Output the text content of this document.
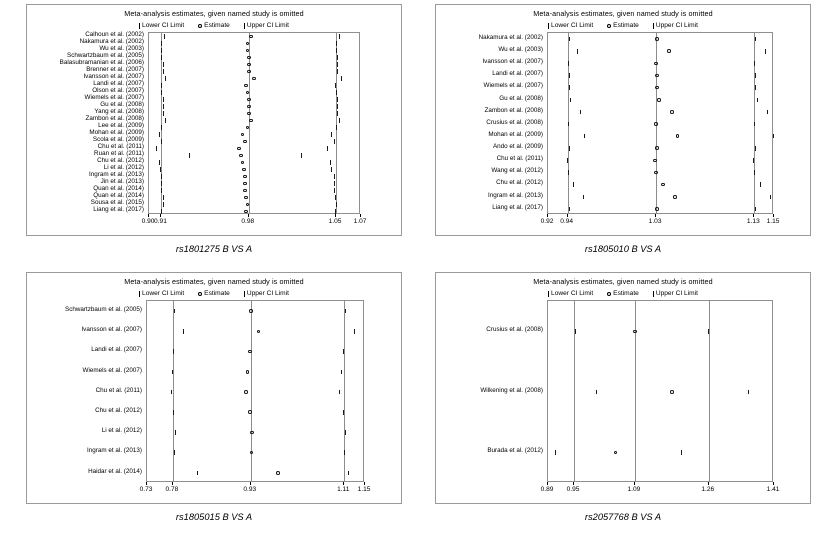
Meta-analysis estimates, given named study is omitted
Lower CI Limit	Estimate	Upper CI Limit
Calhoun et al. (2002)
Nakamura et al. (2002)
Wu et al. (2003)
Schwartzbaum et al. (2005)
Balasubramanian et al. (2006)
Brenner et al. (2007)
Ivansson et al. (2007)
Landi et al. (2007)
Olson et al. (2007)
Wiemels et al. (2007)
Gu et al. (2008)
Yang et al. (2008)
Zambon et al. (2008)
Lee et al. (2009)
Mohan et al. (2009)
Scola et al. (2009)
Chu et al. (2011)
Ruan et al. (2011)
Chu et al. (2012)
Li et al. (2012)
Ingram et al. (2013)
Jin et al. (2013)
Quan et al. (2014)
Quan et al. (2014)
Sousa et al. (2015)
Liang et al. (2017)
0.90 0.91	0.98	1.05	1.07
rs1801275 B VS A
Meta-analysis estimates, given named study is omitted
Lower CI Limit	Estimate	Upper CI Limit
Nakamura et al. (2002)
Wu et al. (2003)
Ivansson et al. (2007)
Landi et al. (2007)
Wiemels et al. (2007)
Gu et al. (2008)
Zambon et al. (2008)
Crusius et al. (2008)
Mohan et al. (2009)
Ando et al. (2009)
Chu et al. (2011)
Wang et al. (2012)
Chu et al. (2012)
Ingram et al. (2013)
Liang et al. (2017)
0.92	0.94	1.03	1.13	1.15
rs1805010 B VS A
Meta-analysis estimates, given named study is omitted
Lower CI Limit	Estimate	Upper CI Limit
Schwartzbaum et al. (2005)
Ivansson et al. (2007)
Landi et al. (2007)
Wiemels et al. (2007)
Chu et al. (2011)
Chu et al. (2012)
Li et al. (2012)
Ingram et al. (2013)
Haidar et al. (2014)
0.73	0.78	0.93	1.11	1.15
rs1805015 B VS A
Meta-analysis estimates, given named study is omitted
Lower CI Limit	Estimate	Upper CI Limit
Crusius et al. (2008)
Wilkening et al. (2008)
Burada et al. (2012)
0.89	0.95	1.09	1.26	1.41
rs2057768 B VS A
